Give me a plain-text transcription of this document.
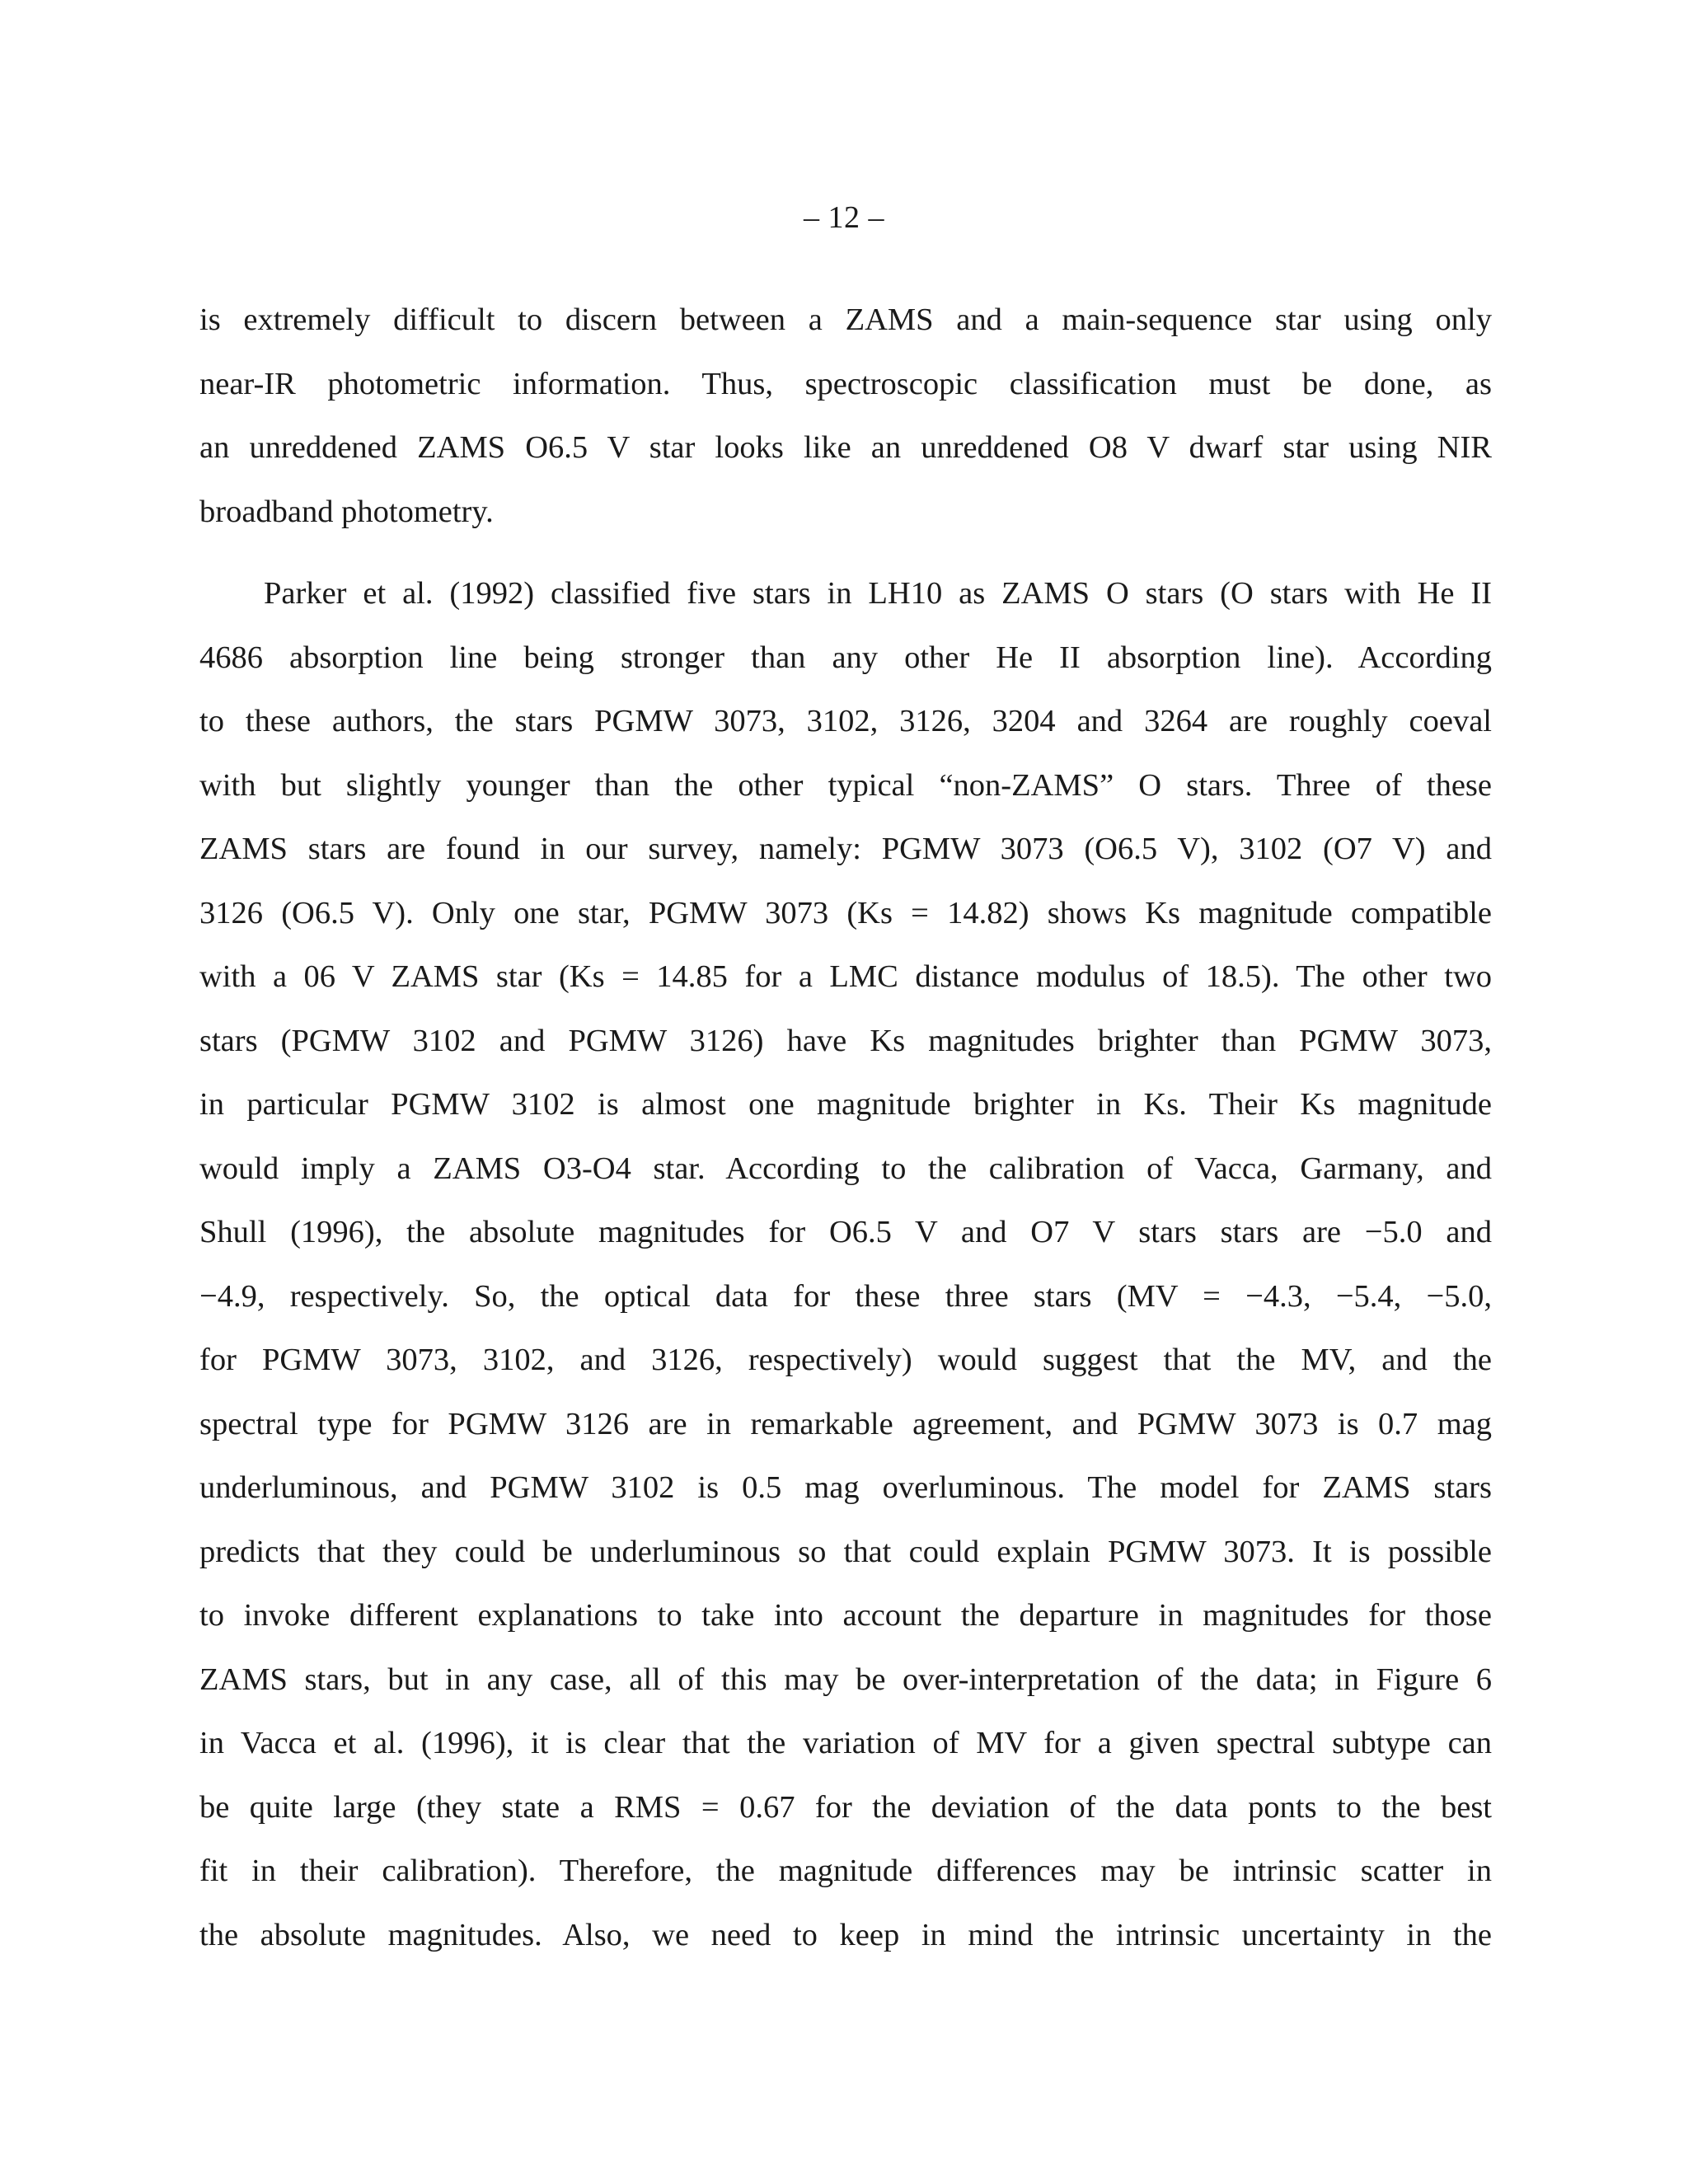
– 12 –
is extremely difficult to discern between a ZAMS and a main-sequence star using only
near-IR photometric information. Thus, spectroscopic classification must be done, as
an unreddened ZAMS O6.5 V star looks like an unreddened O8 V dwarf star using NIR
broadband photometry.
Parker et al. (1992) classified five stars in LH10 as ZAMS O stars (O stars with He II
4686 absorption line being stronger than any other He II absorption line). According
to these authors, the stars PGMW 3073, 3102, 3126, 3204 and 3264 are roughly coeval
with but slightly younger than the other typical “non-ZAMS” O stars. Three of these
ZAMS stars are found in our survey, namely: PGMW 3073 (O6.5 V), 3102 (O7 V) and
3126 (O6.5 V). Only one star, PGMW 3073 (Ks = 14.82) shows Ks magnitude compatible
with a 06 V ZAMS star (Ks = 14.85 for a LMC distance modulus of 18.5). The other two
stars (PGMW 3102 and PGMW 3126) have Ks magnitudes brighter than PGMW 3073,
in particular PGMW 3102 is almost one magnitude brighter in Ks. Their Ks magnitude
would imply a ZAMS O3-O4 star. According to the calibration of Vacca, Garmany, and
Shull (1996), the absolute magnitudes for O6.5 V and O7 V stars stars are −5.0 and
−4.9, respectively. So, the optical data for these three stars (MV = −4.3, −5.4, −5.0,
for PGMW 3073, 3102, and 3126, respectively) would suggest that the MV, and the
spectral type for PGMW 3126 are in remarkable agreement, and PGMW 3073 is 0.7 mag
underluminous, and PGMW 3102 is 0.5 mag overluminous. The model for ZAMS stars
predicts that they could be underluminous so that could explain PGMW 3073. It is possible
to invoke different explanations to take into account the departure in magnitudes for those
ZAMS stars, but in any case, all of this may be over-interpretation of the data; in Figure 6
in Vacca et al. (1996), it is clear that the variation of MV for a given spectral subtype can
be quite large (they state a RMS = 0.67 for the deviation of the data ponts to the best
fit in their calibration). Therefore, the magnitude differences may be intrinsic scatter in
the absolute magnitudes. Also, we need to keep in mind the intrinsic uncertainty in the
